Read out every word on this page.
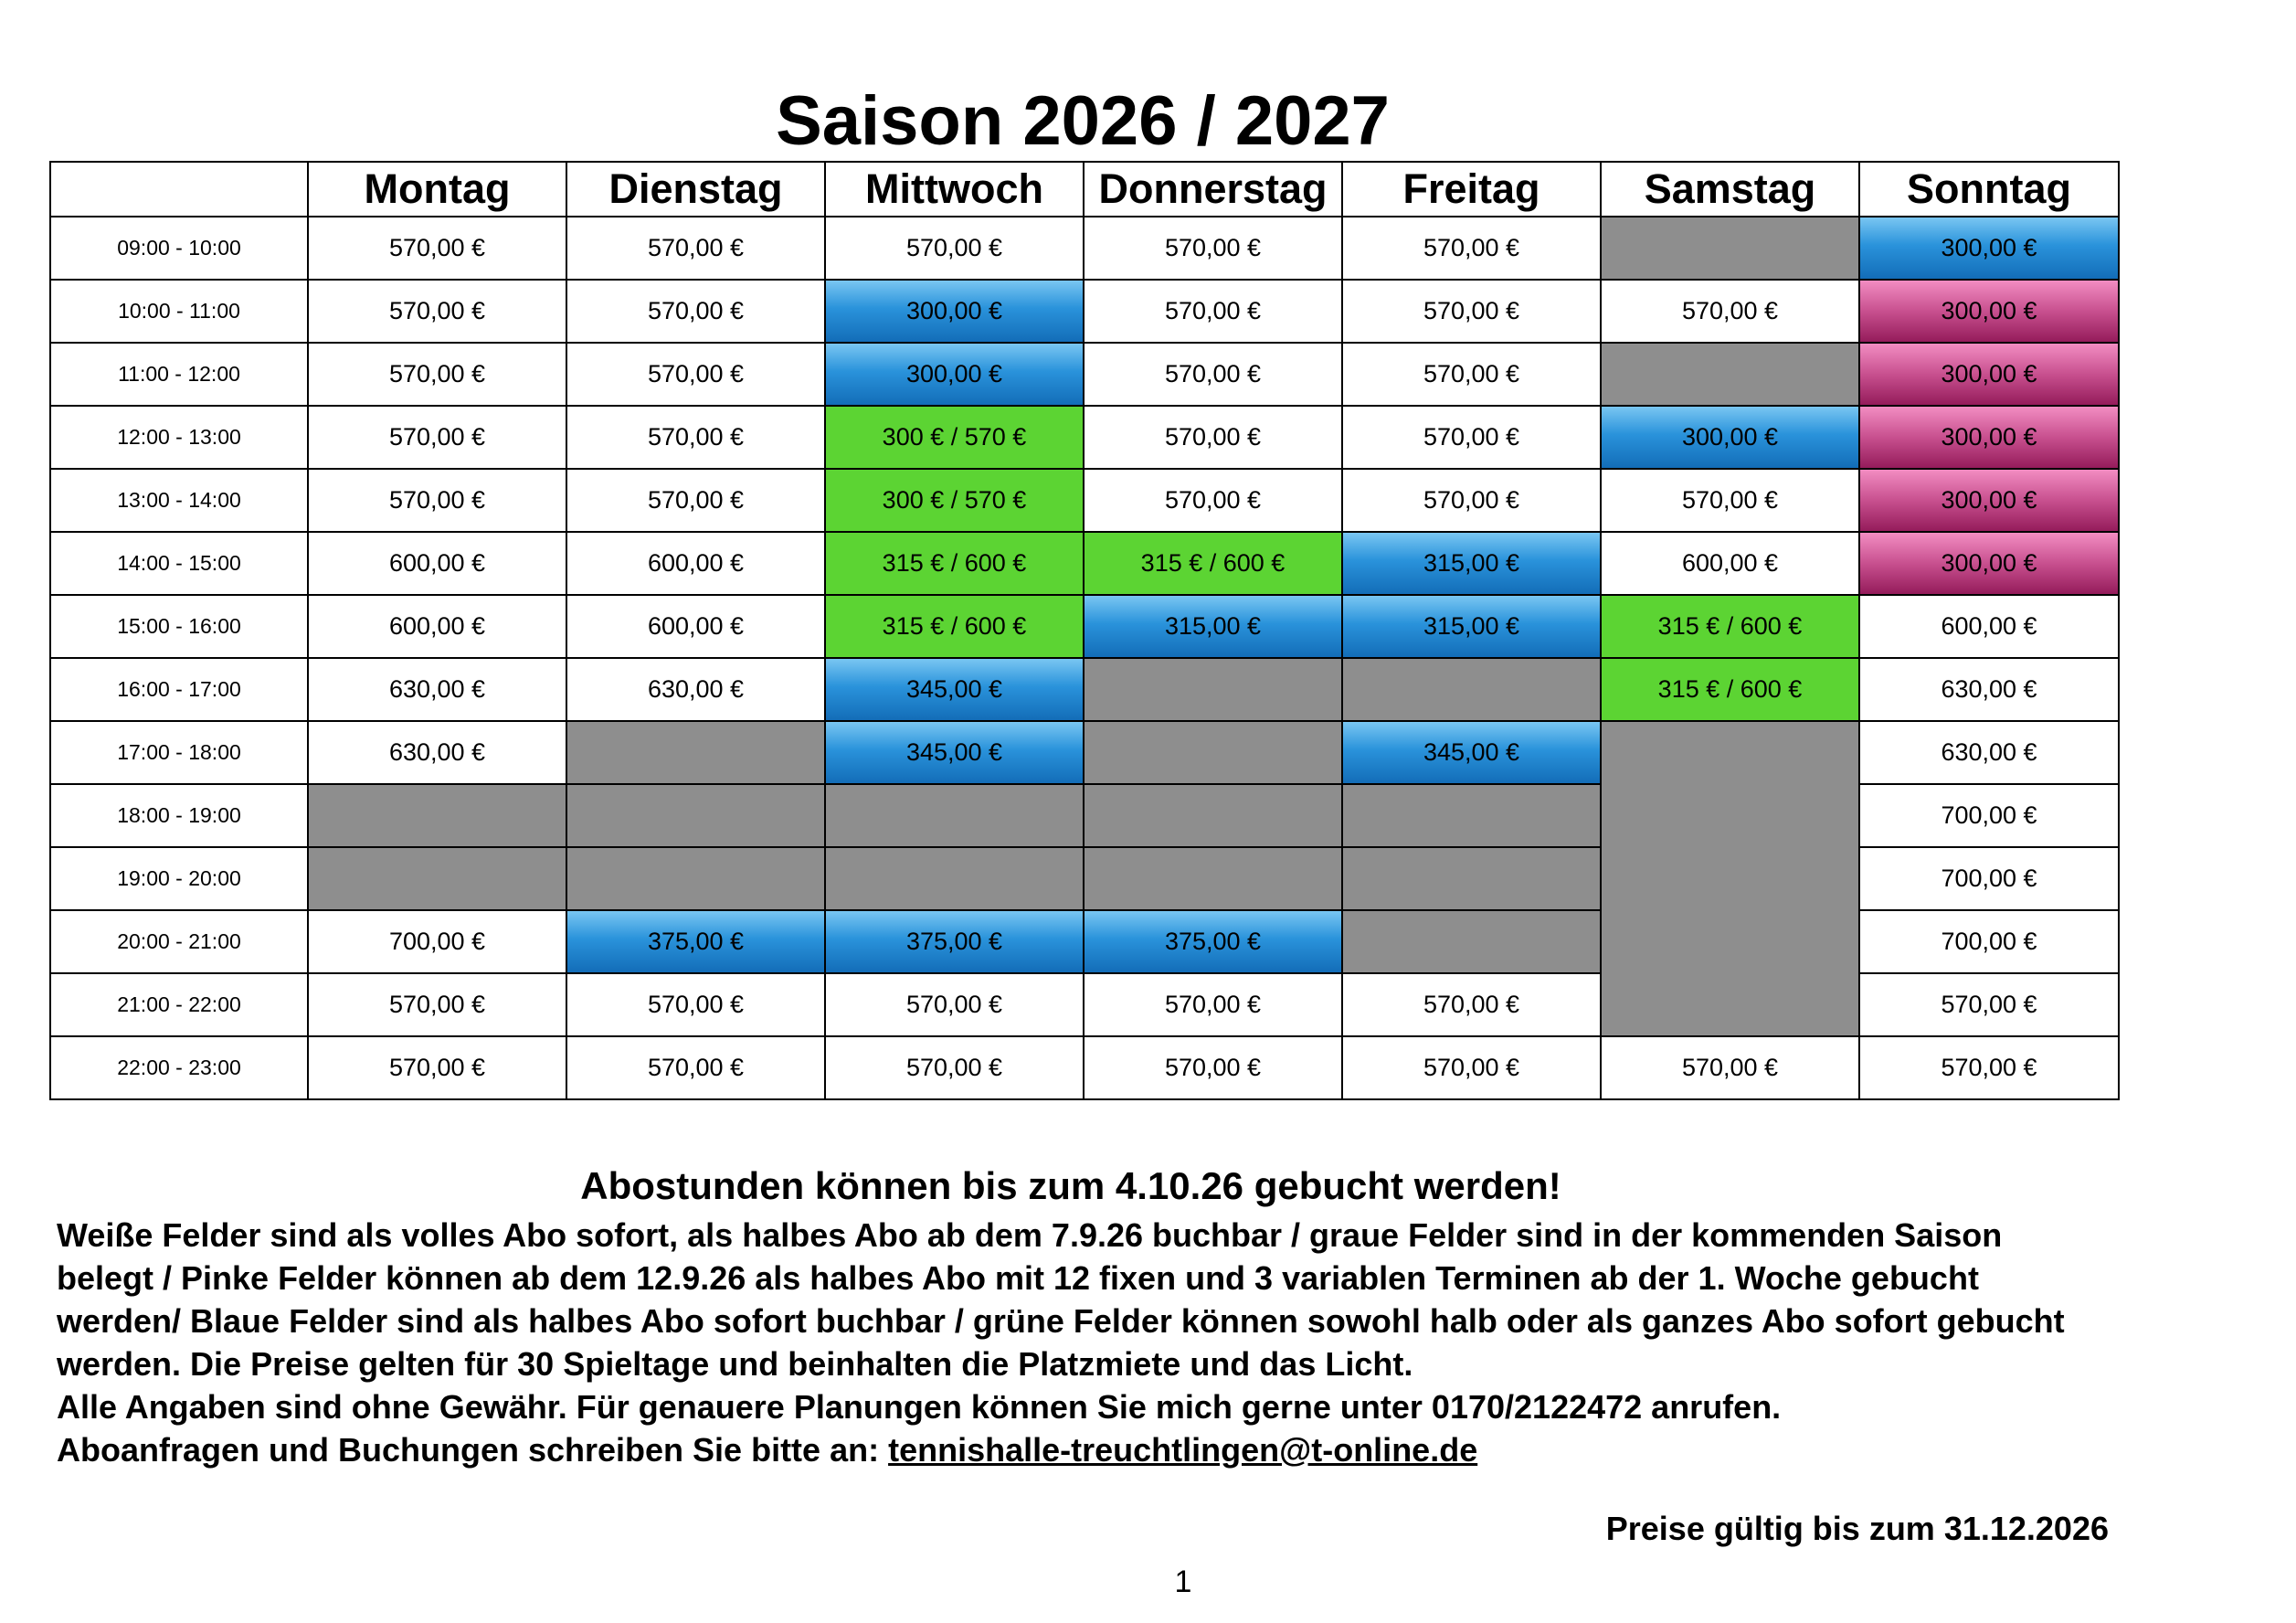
Saison 2026 / 2027
	Montag	Dienstag	Mittwoch	Donnerstag	Freitag	Samstag	Sonntag
09:00 - 10:00	570,00 €	570,00 €	570,00 €	570,00 €	570,00 €		300,00 €
10:00 - 11:00	570,00 €	570,00 €	300,00 €	570,00 €	570,00 €	570,00 €	300,00 €
11:00 - 12:00	570,00 €	570,00 €	300,00 €	570,00 €	570,00 €		300,00 €
12:00 - 13:00	570,00 €	570,00 €	300 € / 570 €	570,00 €	570,00 €	300,00 €	300,00 €
13:00 - 14:00	570,00 €	570,00 €	300 € / 570 €	570,00 €	570,00 €	570,00 €	300,00 €
14:00 - 15:00	600,00 €	600,00 €	315 € / 600 €	315 € / 600 €	315,00 €	600,00 €	300,00 €
15:00 - 16:00	600,00 €	600,00 €	315 € / 600 €	315,00 €	315,00 €	315 € / 600 €	600,00 €
16:00 - 17:00	630,00 €	630,00 €	345,00 €			315 € / 600 €	630,00 €
17:00 - 18:00	630,00 €		345,00 €		345,00 €		630,00 €
18:00 - 19:00							700,00 €
19:00 - 20:00							700,00 €
20:00 - 21:00	700,00 €	375,00 €	375,00 €	375,00 €			700,00 €
21:00 - 22:00	570,00 €	570,00 €	570,00 €	570,00 €	570,00 €		570,00 €
22:00 - 23:00	570,00 €	570,00 €	570,00 €	570,00 €	570,00 €	570,00 €	570,00 €
Abostunden können bis zum 4.10.26 gebucht werden!
Weiße Felder sind als volles Abo sofort, als halbes Abo ab dem 7.9.26 buchbar / graue Felder sind in der kommenden Saison
belegt / Pinke Felder können ab dem 12.9.26 als halbes Abo mit 12 fixen und 3 variablen Terminen ab der 1. Woche gebucht
werden/ Blaue Felder sind als halbes Abo sofort buchbar / grüne Felder können sowohl halb oder als ganzes Abo sofort gebucht
werden. Die Preise gelten für 30 Spieltage und beinhalten die Platzmiete und das Licht.
Alle Angaben sind ohne Gewähr. Für genauere Planungen können Sie mich gerne unter 0170/2122472 anrufen.
Aboanfragen und Buchungen schreiben Sie bitte an: tennishalle-treuchtlingen@t-online.de
Preise gültig bis zum 31.12.2026
1
